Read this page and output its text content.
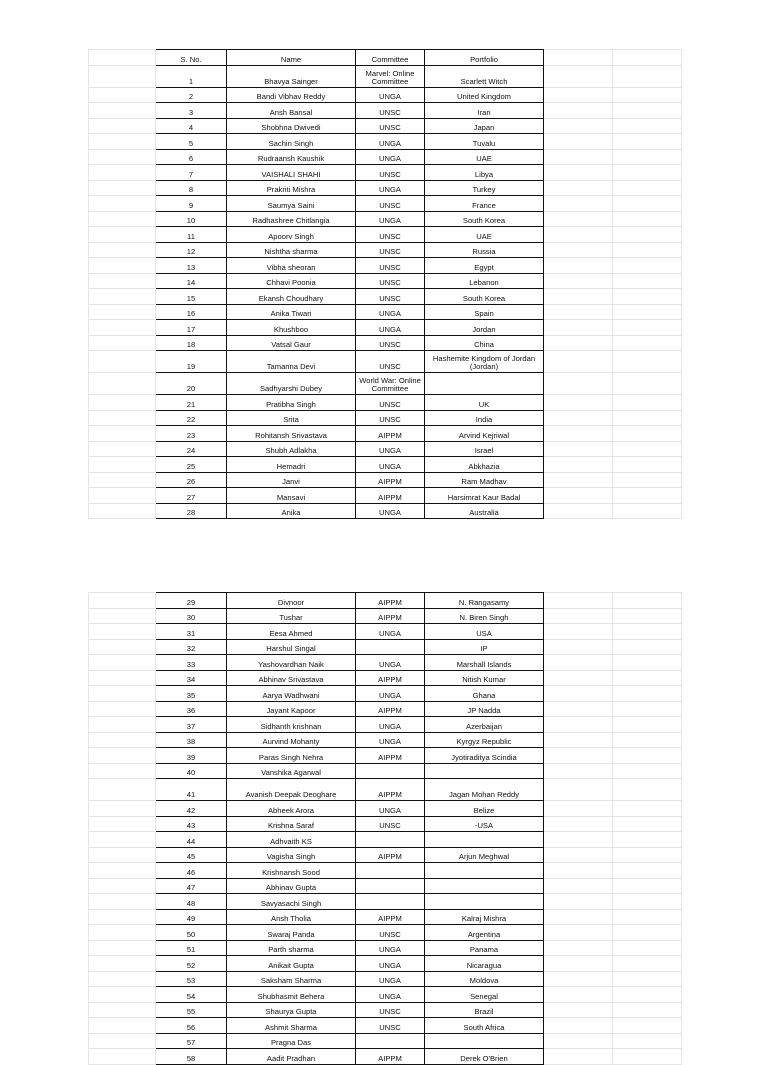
	S. No.	Name	Committee	Portfolio		
	1	Bhavya Sainger	Marvel: Online Committee	Scarlett Witch		
	2	Bandi Vibhav Reddy	UNGA	United Kingdom		
	3	Ansh Bansal	UNSC	Iran		
	4	Shobhna Dwivedi	UNSC	Japan		
	5	Sachin Singh	UNGA	Tuvalu		
	6	Rudraansh Kaushik	UNGA	UAE		
	7	VAISHALI SHAHI	UNSC	Libya		
	8	Prakriti Mishra	UNGA	Turkey		
	9	Saumya Saini	UNSC	France		
	10	Radhashree Chitlangia	UNGA	South Korea		
	11	Apoorv Singh	UNSC	UAE		
	12	Nishtha sharma	UNSC	Russia		
	13	Vibha sheoran	UNSC	Egypt		
	14	Chhavi Poonia	UNSC	Lebanon		
	15	Ekansh Choudhary	UNSC	South Korea		
	16	Anika Tiwari	UNGA	Spain		
	17	Khushboo	UNGA	Jordan		
	18	Vatsal Gaur	UNSC	China		
	19	Tamanna Devi	UNSC	Hashemite Kingdom of Jordan (Jordan)		
	20	Sadhyarshi Dubey	World War: Online Committee			
	21	Pratibha Singh	UNSC	UK		
	22	Srita	UNSC	India		
	23	Rohitansh Srivastava	AIPPM	Arvind Kejriwal		
	24	Shubh Adlakha	UNGA	Israel		
	25	Hemadri	UNGA	Abkhazia		
	26	Janvi	AIPPM	Ram Madhav		
	27	Mansavi	AIPPM	Harsimrat Kaur Badal		
	28	Anika	UNGA	Australia		
	29	Divnoor	AIPPM	N. Rangasamy		
	30	Tushar	AIPPM	N. Biren Singh		
	31	Eesa Ahmed	UNGA	USA		
	32	Harshul Singal		IP		
	33	Yashovardhan Naik	UNGA	Marshall Islands		
	34	Abhinav Srivastava	AIPPM	Nitish Kumar		
	35	Aarya Wadhwani	UNGA	Ghana		
	36	Jayant Kapoor	AIPPM	JP Nadda		
	37	Sidhanth krishnan	UNGA	Azerbaijan		
	38	Aurvind Mohanty	UNGA	Kyrgyz Republic		
	39	Paras Singh Nehra	AIPPM	Jyotiraditya Scindia		
	40	Vanshika Agarwal				
	41	Avanish Deepak Deoghare	AIPPM	Jagan Mohan Reddy		
	42	Abheek Arora	UNGA	Belize		
	43	Krishna Saraf	UNSC	-USA		
	44	Adhvaith KS				
	45	Vagisha Singh	AIPPM	Arjun Meghwal		
	46	Krishnansh Sood				
	47	Abhinav Gupta				
	48	Savyasachi Singh				
	49	Ansh Tholia	AIPPM	Kalraj Mishra		
	50	Swaraj Panda	UNSC	Argentina		
	51	Parth sharma	UNGA	Panama		
	52	Anikait Gupta	UNGA	Nicaragua		
	53	Saksham Sharma	UNGA	Moldova		
	54	Shubhasmit Behera	UNGA	Senegal		
	55	Shaurya Gupta	UNSC	Brazil		
	56	Ashmit Sharma	UNSC	South Africa		
	57	Pragna Das				
	58	Aadit Pradhan	AIPPM	Derek O'Brien		
